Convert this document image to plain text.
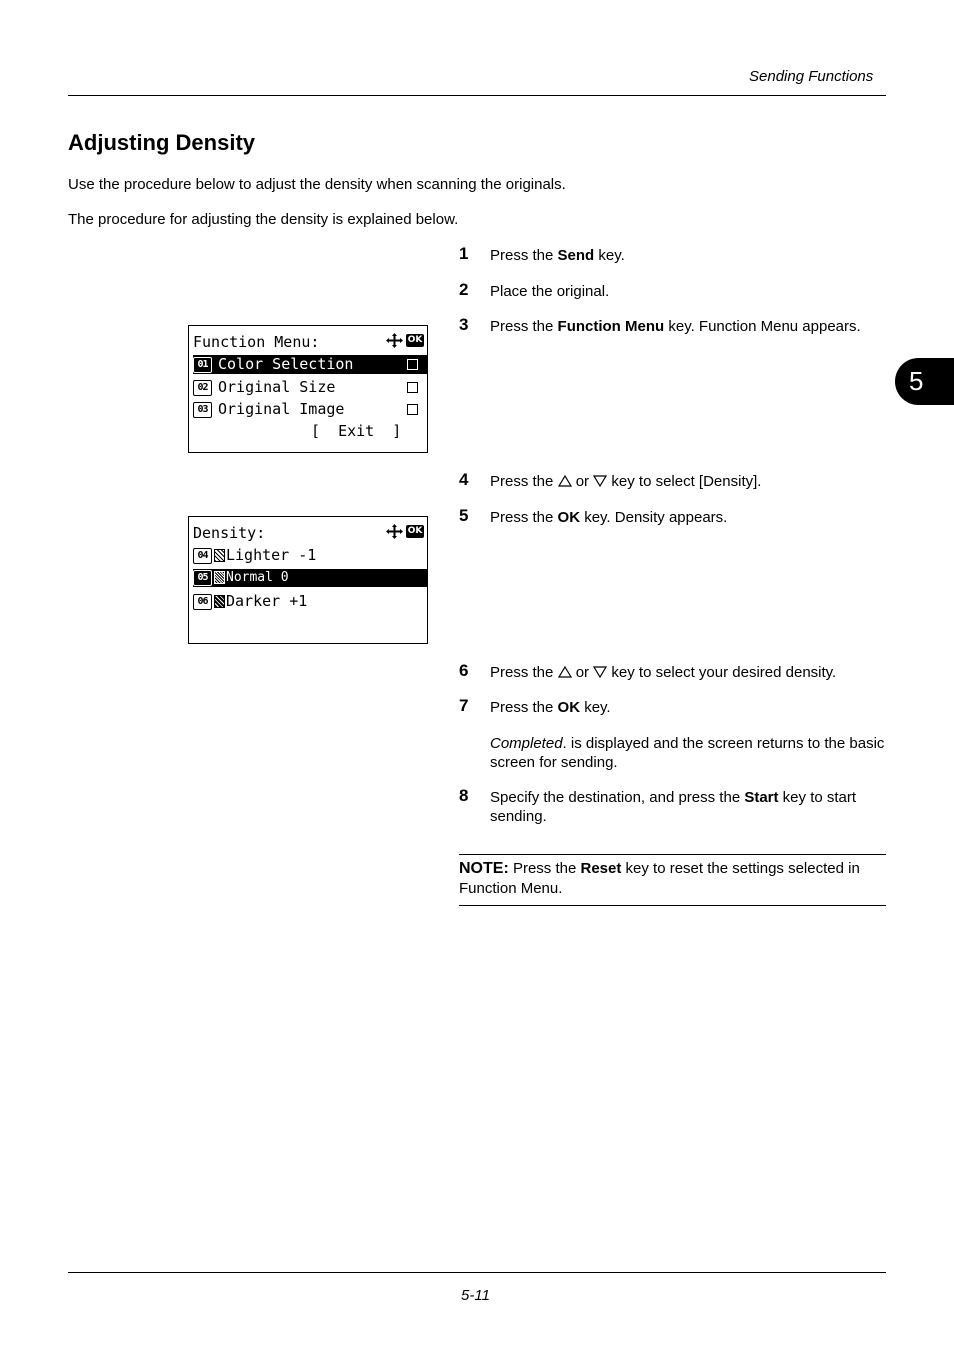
Sending Functions
5
Adjusting Density
Use the procedure below to adjust the density when scanning the originals.
The procedure for adjusting the density is explained below.
1 Press the Send key.
2 Place the original.
3 Press the Function Menu key. Function Menu appears.
4 Press the  or  key to select [Density].
5 Press the OK key. Density appears.
6 Press the  or  key to select your desired density.
7 Press the OK key.
Completed. is displayed and the screen returns to the basic screen for sending.
8 Specify the destination, and press the Start key to start sending.
Function Menu:	OK
01 Color Selection
02 Original Size
03 Original Image
[  Exit  ]
Density:	OK
04 Lighter -1
05 Normal 0
06 Darker +1
NOTE: Press the Reset key to reset the settings selected in Function Menu.
5-11
